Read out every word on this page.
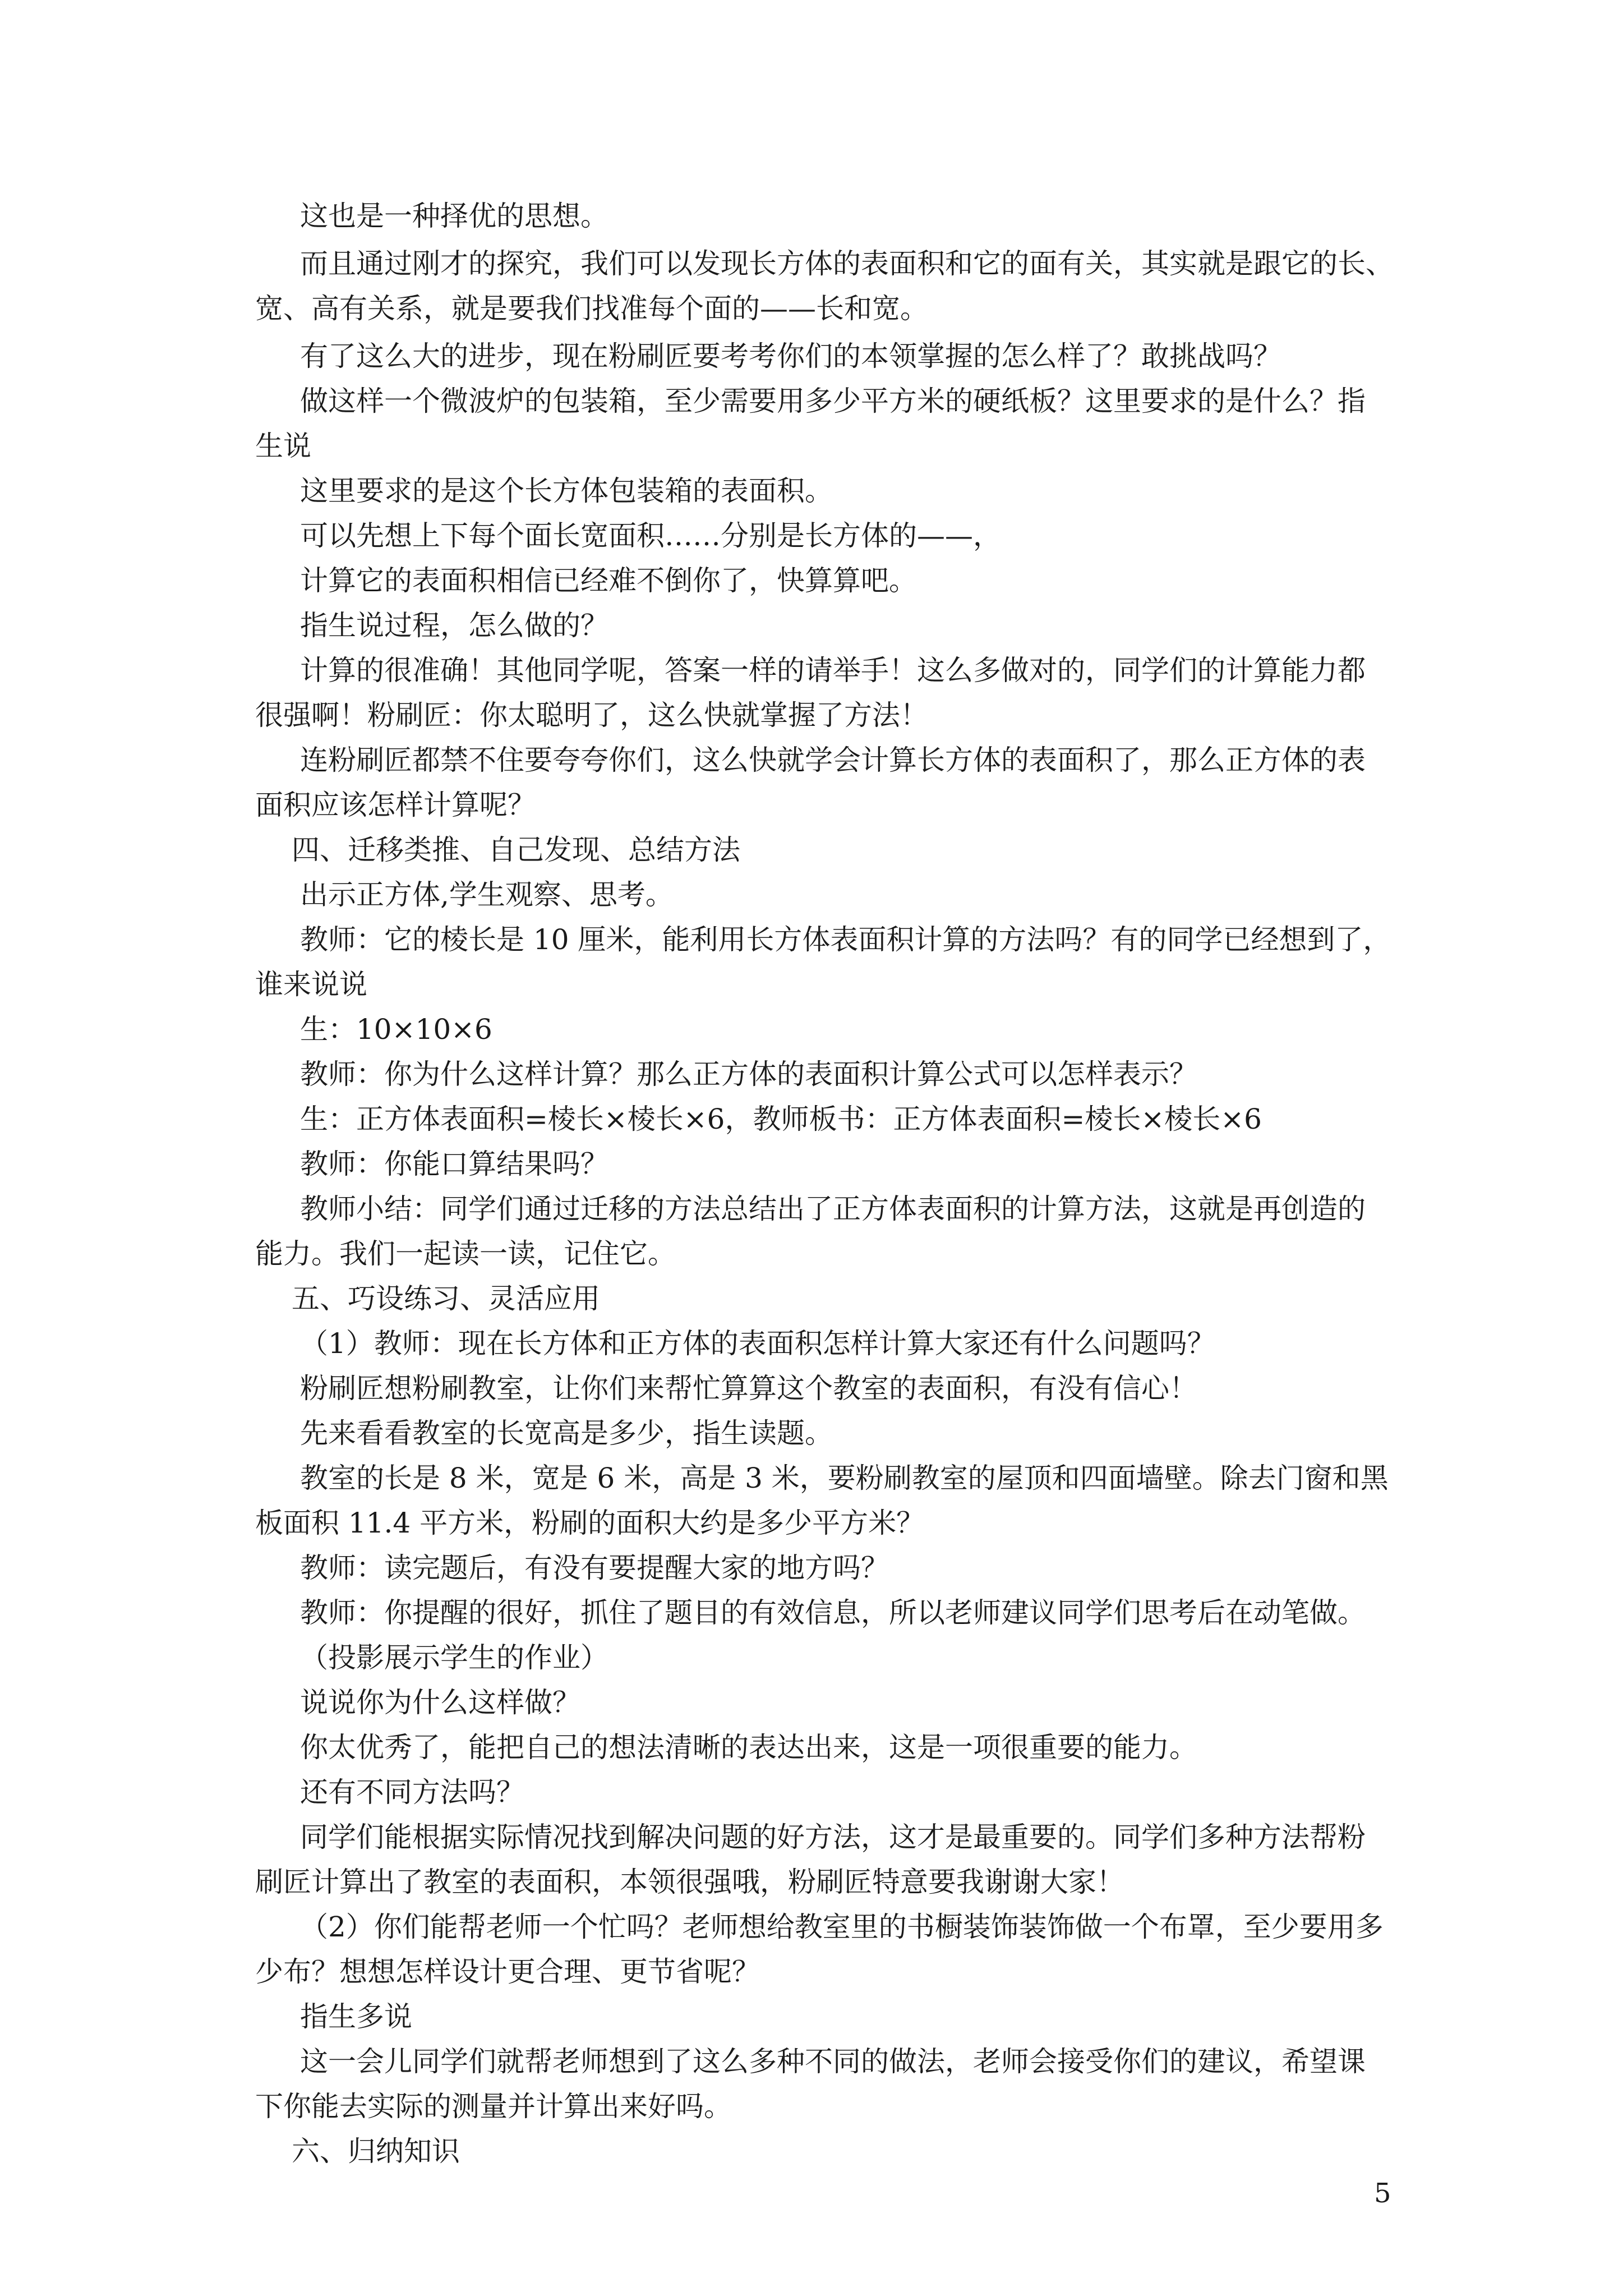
这也是一种择优的思想。
而且通过刚才的探究，我们可以发现长方体的表面积和它的面有关，其实就是跟它的长、
宽、高有关系，就是要我们找准每个面的——长和宽。
有了这么大的进步，现在粉刷匠要考考你们的本领掌握的怎么样了？敢挑战吗？
做这样一个微波炉的包装箱，至少需要用多少平方米的硬纸板？这里要求的是什么？指
生说
这里要求的是这个长方体包装箱的表面积。
可以先想上下每个面长宽面积……分别是长方体的——，
计算它的表面积相信已经难不倒你了，快算算吧。
指生说过程，怎么做的？
计算的很准确！其他同学呢，答案一样的请举手！这么多做对的，同学们的计算能力都
很强啊！粉刷匠：你太聪明了，这么快就掌握了方法！
连粉刷匠都禁不住要夸夸你们，这么快就学会计算长方体的表面积了，那么正方体的表
面积应该怎样计算呢？
四、迁移类推、自己发现、总结方法
出示正方体,学生观察、思考。
教师：它的棱长是 10 厘米，能利用长方体表面积计算的方法吗？有的同学已经想到了，
谁来说说
生：10×10×6
教师：你为什么这样计算？那么正方体的表面积计算公式可以怎样表示？
生：正方体表面积=棱长×棱长×6，教师板书：正方体表面积=棱长×棱长×6
教师：你能口算结果吗？
教师小结：同学们通过迁移的方法总结出了正方体表面积的计算方法，这就是再创造的
能力。我们一起读一读，记住它。
五、巧设练习、灵活应用
（1）教师：现在长方体和正方体的表面积怎样计算大家还有什么问题吗？
粉刷匠想粉刷教室，让你们来帮忙算算这个教室的表面积，有没有信心！
先来看看教室的长宽高是多少，指生读题。
教室的长是 8 米，宽是 6 米，高是 3 米，要粉刷教室的屋顶和四面墙壁。除去门窗和黑
板面积 11.4 平方米，粉刷的面积大约是多少平方米？
教师：读完题后，有没有要提醒大家的地方吗？
教师：你提醒的很好，抓住了题目的有效信息，所以老师建议同学们思考后在动笔做。
（投影展示学生的作业）
说说你为什么这样做？
你太优秀了，能把自己的想法清晰的表达出来，这是一项很重要的能力。
还有不同方法吗？
同学们能根据实际情况找到解决问题的好方法，这才是最重要的。同学们多种方法帮粉
刷匠计算出了教室的表面积，本领很强哦，粉刷匠特意要我谢谢大家！
（2）你们能帮老师一个忙吗？老师想给教室里的书橱装饰装饰做一个布罩，至少要用多
少布？想想怎样设计更合理、更节省呢？
指生多说
这一会儿同学们就帮老师想到了这么多种不同的做法，老师会接受你们的建议，希望课
下你能去实际的测量并计算出来好吗。
六、归纳知识
5
